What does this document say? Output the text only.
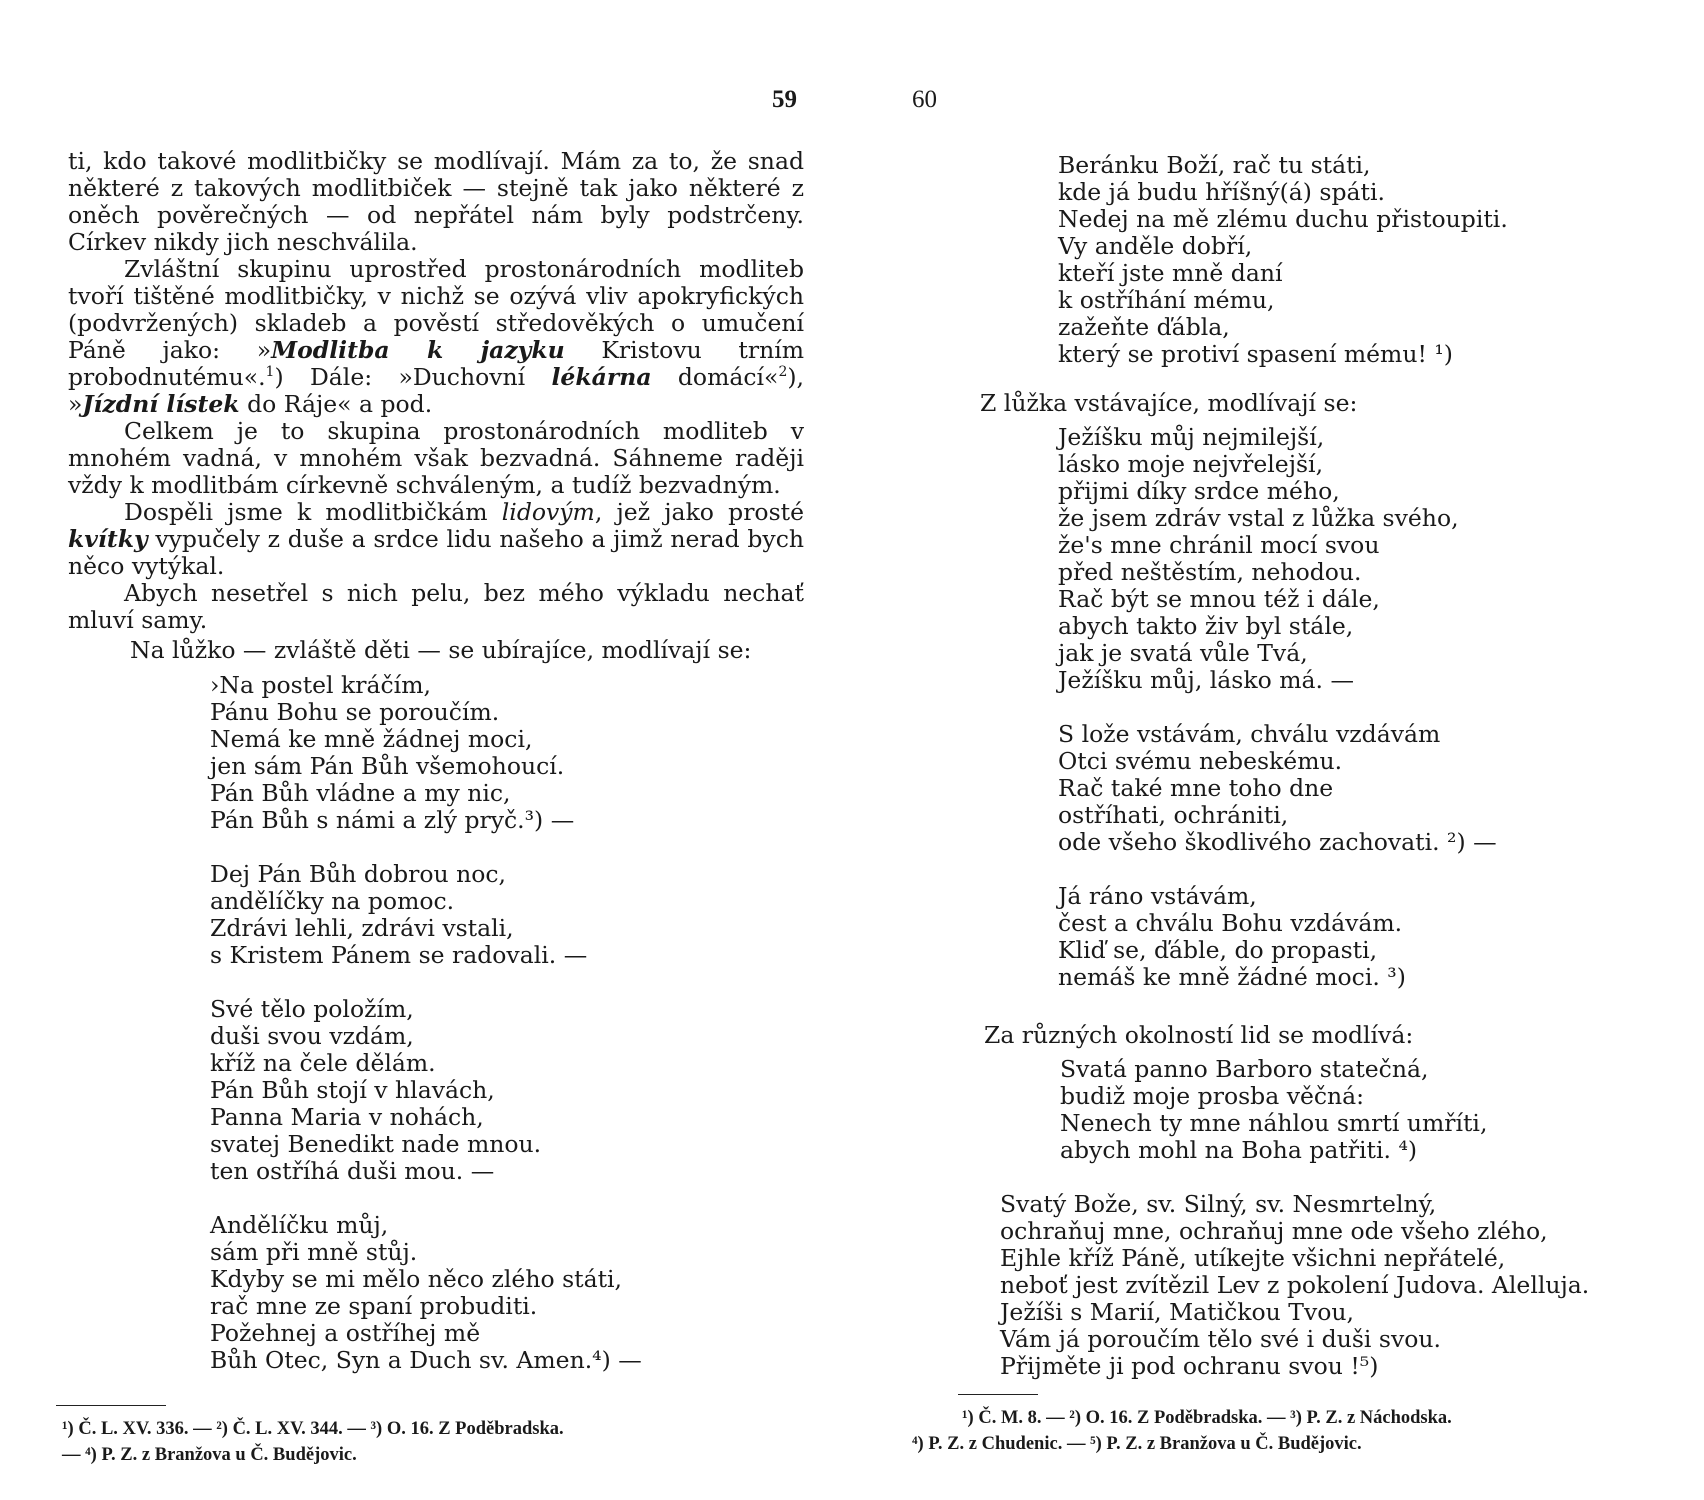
59

ti, kdo takové modlitbičky se modlívají. Mám za to, že snad některé z takových modlitbiček — stejně tak jako některé z oněch pověrečných — od nepřátel nám byly podstrčeny. Církev nikdy jich neschválila.

Zvláštní skupinu uprostřed prostonárodních modliteb tvoří tištěné modlitbičky, v nichž se ozývá vliv apokryfických (podvržených) skladeb a pověstí středověkých o umučení Páně jako: »Modlitba k jazyku Kristovu trním probodnutému«.$^1$) Dále: »Duchovní lékárna domácí«$^2$), »Jízdní lístek do Ráje« a pod.

Celkem je to skupina prostonárodních modliteb v mnohém vadná, v mnohém však bezvadná. Sáhneme raději vždy k modlitbám církevně schváleným, a tudíž bezvadným.

Dospěli jsme k modlitbičkám lidovým, jež jako prosté kvítky vypučely z duše a srdce lidu našeho a jimž nerad bych něco vytýkal.

Abych nesetřel s nich pelu, bez mého výkladu nechať mluví samy.

Na lůžko — zvláště děti — se ubírajíce, modlívají se:
›Na postel kráčím,
Pánu Bohu se poroučím.
Nemá ke mně žádnej moci,
jen sám Pán Bůh všemohoucí.
Pán Bůh vládne a my nic,
Pán Bůh s námi a zlý pryč.³) —
Dej Pán Bůh dobrou noc,
andělíčky na pomoc.
Zdrávi lehli, zdrávi vstali,
s Kristem Pánem se radovali. —
Své tělo položím,
duši svou vzdám,
kříž na čele dělám.
Pán Bůh stojí v hlavách,
Panna Maria v nohách,
svatej Benedikt nade mnou.
ten ostříhá duši mou. —
Andělíčku můj,
sám při mně stůj.
Kdyby se mi mělo něco zlého státi,
rač mne ze spaní probuditi.
Požehnej a ostříhej mě
Bůh Otec, Syn a Duch sv. Amen.⁴) —
¹) Č. L. XV. 336. — ²) Č. L. XV. 344. — ³) O. 16. Z Poděbradska.
— ⁴) P. Z. z Branžova u Č. Budějovic.
60
Beránku Boží, rač tu státi,
kde já budu hříšný(á) spáti.
Nedej na mě zlému duchu přistoupiti.
Vy anděle dobří,
kteří jste mně daní
k ostříhání mému,
zažeňte ďábla,
který se protiví spasení mému! ¹)
Z lůžka vstávajíce, modlívají se:
Ježíšku můj nejmilejší,
lásko moje nejvřelejší,
přijmi díky srdce mého,
že jsem zdráv vstal z lůžka svého,
že's mne chránil mocí svou
před neštěstím, nehodou.
Rač být se mnou též i dále,
abych takto živ byl stále,
jak je svatá vůle Tvá,
Ježíšku můj, lásko má. —
S lože vstávám, chválu vzdávám
Otci svému nebeskému.
Rač také mne toho dne
ostříhati, ochrániti,
ode všeho škodlivého zachovati. ²) —
Já ráno vstávám,
čest a chválu Bohu vzdávám.
Kliď se, ďáble, do propasti,
nemáš ke mně žádné moci. ³)
Za různých okolností lid se modlívá:
Svatá panno Barboro statečná,
budiž moje prosba věčná:
Nenech ty mne náhlou smrtí umříti,
abych mohl na Boha patřiti. ⁴)
Svatý Bože, sv. Silný, sv. Nesmrtelný,
ochraňuj mne, ochraňuj mne ode všeho zlého,
Ejhle kříž Páně, utíkejte všichni nepřátelé,
neboť jest zvítězil Lev z pokolení Judova. Alelluja.
Ježíši s Marií, Matičkou Tvou,
Vám já poroučím tělo své i duši svou.
Přijměte ji pod ochranu svou !⁵)
¹) Č. M. 8. — ²) O. 16. Z Poděbradska. — ³) P. Z. z Náchodska.
⁴) P. Z. z Chudenic. — ⁵) P. Z. z Branžova u Č. Budějovic.
